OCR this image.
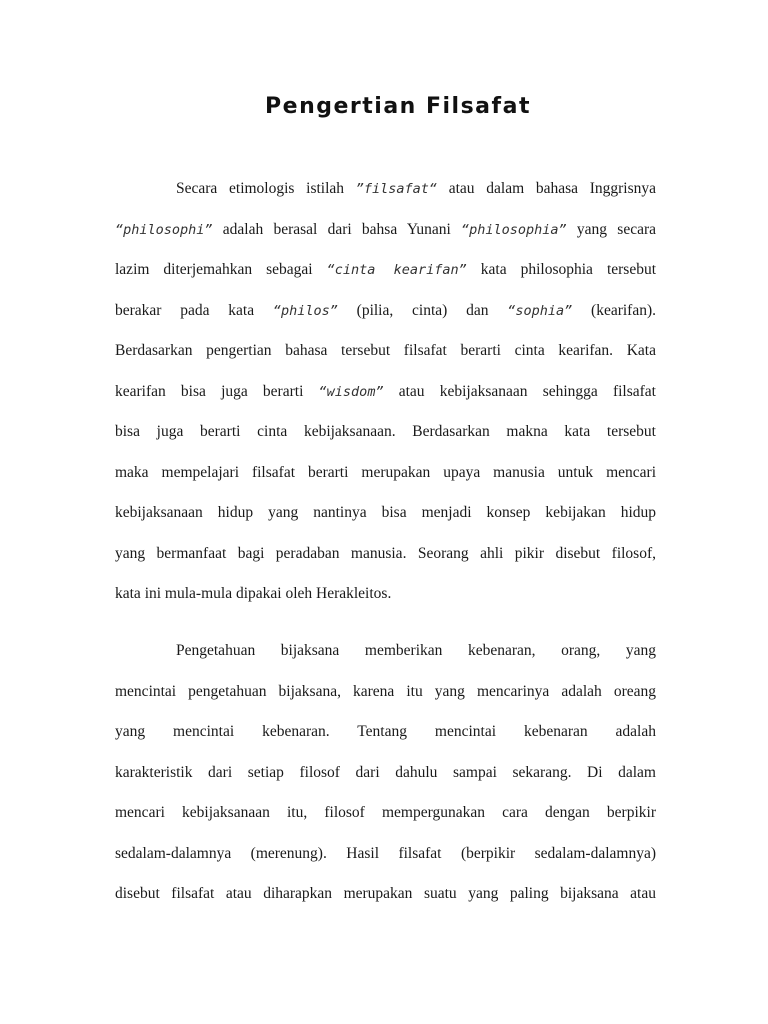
Pengertian Filsafat
Secara etimologis istilah ”filsafat“ atau dalam bahasa Inggrisnya
“philosophi” adalah berasal dari bahsa Yunani “philosophia” yang secara
lazim diterjemahkan sebagai “cinta kearifan” kata philosophia tersebut
berakar pada kata “philos” (pilia, cinta) dan “sophia” (kearifan).
Berdasarkan pengertian bahasa tersebut filsafat berarti cinta kearifan. Kata
kearifan bisa juga berarti “wisdom” atau kebijaksanaan sehingga filsafat
bisa juga berarti cinta kebijaksanaan. Berdasarkan makna kata tersebut
maka mempelajari filsafat berarti merupakan upaya manusia untuk mencari
kebijaksanaan hidup yang nantinya bisa menjadi konsep kebijakan hidup
yang bermanfaat bagi peradaban manusia. Seorang ahli pikir disebut filosof,
kata ini mula-mula dipakai oleh Herakleitos.
Pengetahuan bijaksana memberikan kebenaran, orang, yang
mencintai pengetahuan bijaksana, karena itu yang mencarinya adalah oreang
yang mencintai kebenaran. Tentang mencintai kebenaran adalah
karakteristik dari setiap filosof dari dahulu sampai sekarang. Di dalam
mencari kebijaksanaan itu, filosof mempergunakan cara dengan berpikir
sedalam-dalamnya (merenung). Hasil filsafat (berpikir sedalam-dalamnya)
disebut filsafat atau diharapkan merupakan suatu yang paling bijaksana atau
